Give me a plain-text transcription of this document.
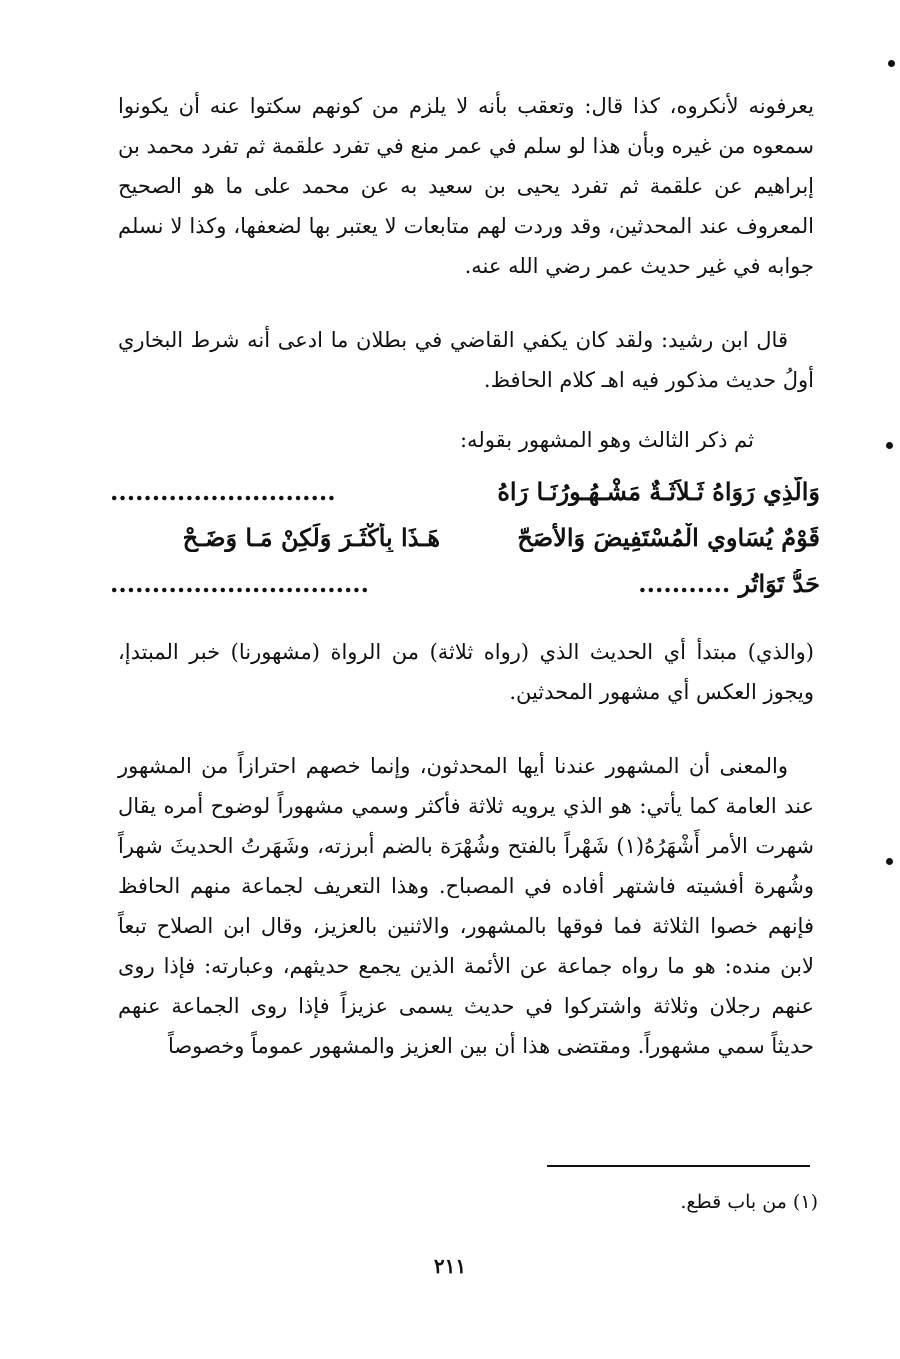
يعرفونه لأنكروه، كذا قال: وتعقب بأنه لا يلزم من كونهم سكتوا عنه أن يكونوا سمعوه من غيره وبأن هذا لو سلم في عمر منع في تفرد علقمة ثم تفرد محمد بن إبراهيم عن علقمة ثم تفرد يحيى بن سعيد به عن محمد على ما هو الصحيح المعروف عند المحدثين، وقد وردت لهم متابعات لا يعتبر بها لضعفها، وكذا لا نسلم جوابه في غير حديث عمر رضي الله عنه.
قال ابن رشيد: ولقد كان يكفي القاضي في بطلان ما ادعى أنه شرط البخاري أولُ حديث مذكور فيه اهـ كلام الحافظ.
ثم ذكر الثالث وهو المشهور بقوله:
وَالَّذِي رَوَاهُ ثَـلاَثَـةٌ مَشْـهُـورُنَـا رَاهُ
...........................
قَوْمٌ يُسَاوِي الْمُسْتَفِيضَ وَالأَصَحّ
هَـذَا بِأَكْثَـرَ وَلَكِنْ مَـا وَضَـحْ
حَدُّ تَوَاتُرٍ ...........
...............................
(والذي) مبتدأ أي الحديث الذي (رواه ثلاثة) من الرواة (مشهورنا) خبر المبتدإ، ويجوز العكس أي مشهور المحدثين.
والمعنى أن المشهور عندنا أيها المحدثون، وإنما خصهم احترازاً من المشهور عند العامة كما يأتي: هو الذي يرويه ثلاثة فأكثر وسمي مشهوراً لوضوح أمره يقال شهرت الأمر أَشْهَرُهُ(١) شَهْراً بالفتح وشُهْرَة بالضم أبرزته، وشَهَرتُ الحديثَ شهراً وشُهرة أفشيته فاشتهر أفاده في المصباح. وهذا التعريف لجماعة منهم الحافظ فإنهم خصوا الثلاثة فما فوقها بالمشهور، والاثنين بالعزيز، وقال ابن الصلاح تبعاً لابن منده: هو ما رواه جماعة عن الأئمة الذين يجمع حديثهم، وعبارته: فإذا روى عنهم رجلان وثلاثة واشتركوا في حديث يسمى عزيزاً فإذا روى الجماعة عنهم حديثاً سمي مشهوراً. ومقتضى هذا أن بين العزيز والمشهور عموماً وخصوصاً
(١) من باب قطع.
٢١١
